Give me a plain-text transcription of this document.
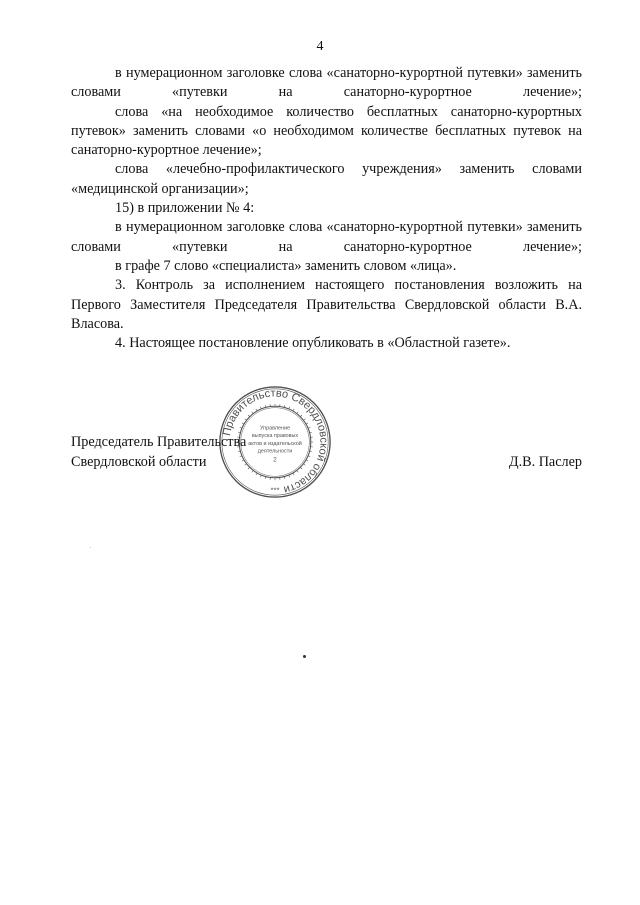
4

в нумерационном заголовке слова «санаторно-курортной путевки» заменить словами «путевки на санаторно-курортное лечение»;

слова «на необходимое количество бесплатных санаторно-курортных путевок» заменить словами «о необходимом количестве бесплатных путевок на санаторно-курортное лечение»;

слова «лечебно-профилактического учреждения» заменить словами «медицинской организации»;

15) в приложении № 4:

в нумерационном заголовке слова «санаторно-курортной путевки» заменить словами «путевки на санаторно-курортное лечение»;

в графе 7 слово «специалиста» заменить словом «лица».

3. Контроль за исполнением настоящего постановления возложить на Первого Заместителя Председателя Правительства Свердловской области В.А. Власова.

4. Настоящее постановление опубликовать в «Областной газете».

Правительство Свердловской области
Управление
выпуска правовых
актов и издательской
деятельности
2
***
Председатель Правительства
Свердловской области	Д.В. Паслер
